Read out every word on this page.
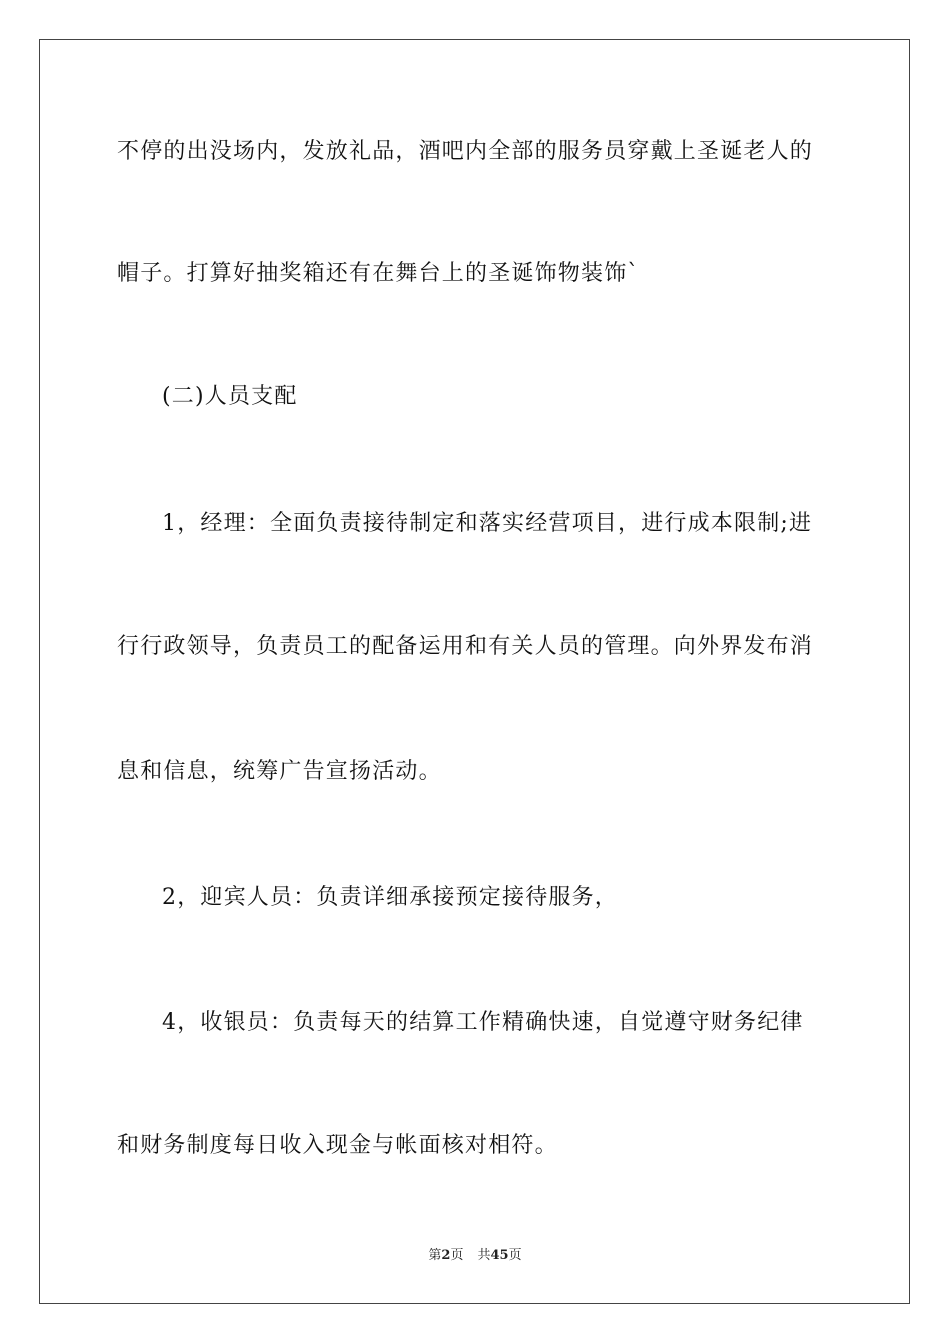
不停的出没场内，发放礼品，酒吧内全部的服务员穿戴上圣诞老人的
帽子。打算好抽奖箱还有在舞台上的圣诞饰物装饰`
(二)人员支配
1，经理：全面负责接待制定和落实经营项目，进行成本限制;进
行行政领导，负责员工的配备运用和有关人员的管理。向外界发布消
息和信息，统筹广告宣扬活动。
2，迎宾人员：负责详细承接预定接待服务，
4，收银员：负责每天的结算工作精确快速，自觉遵守财务纪律
和财务制度每日收入现金与帐面核对相符。
第2页 共45页
